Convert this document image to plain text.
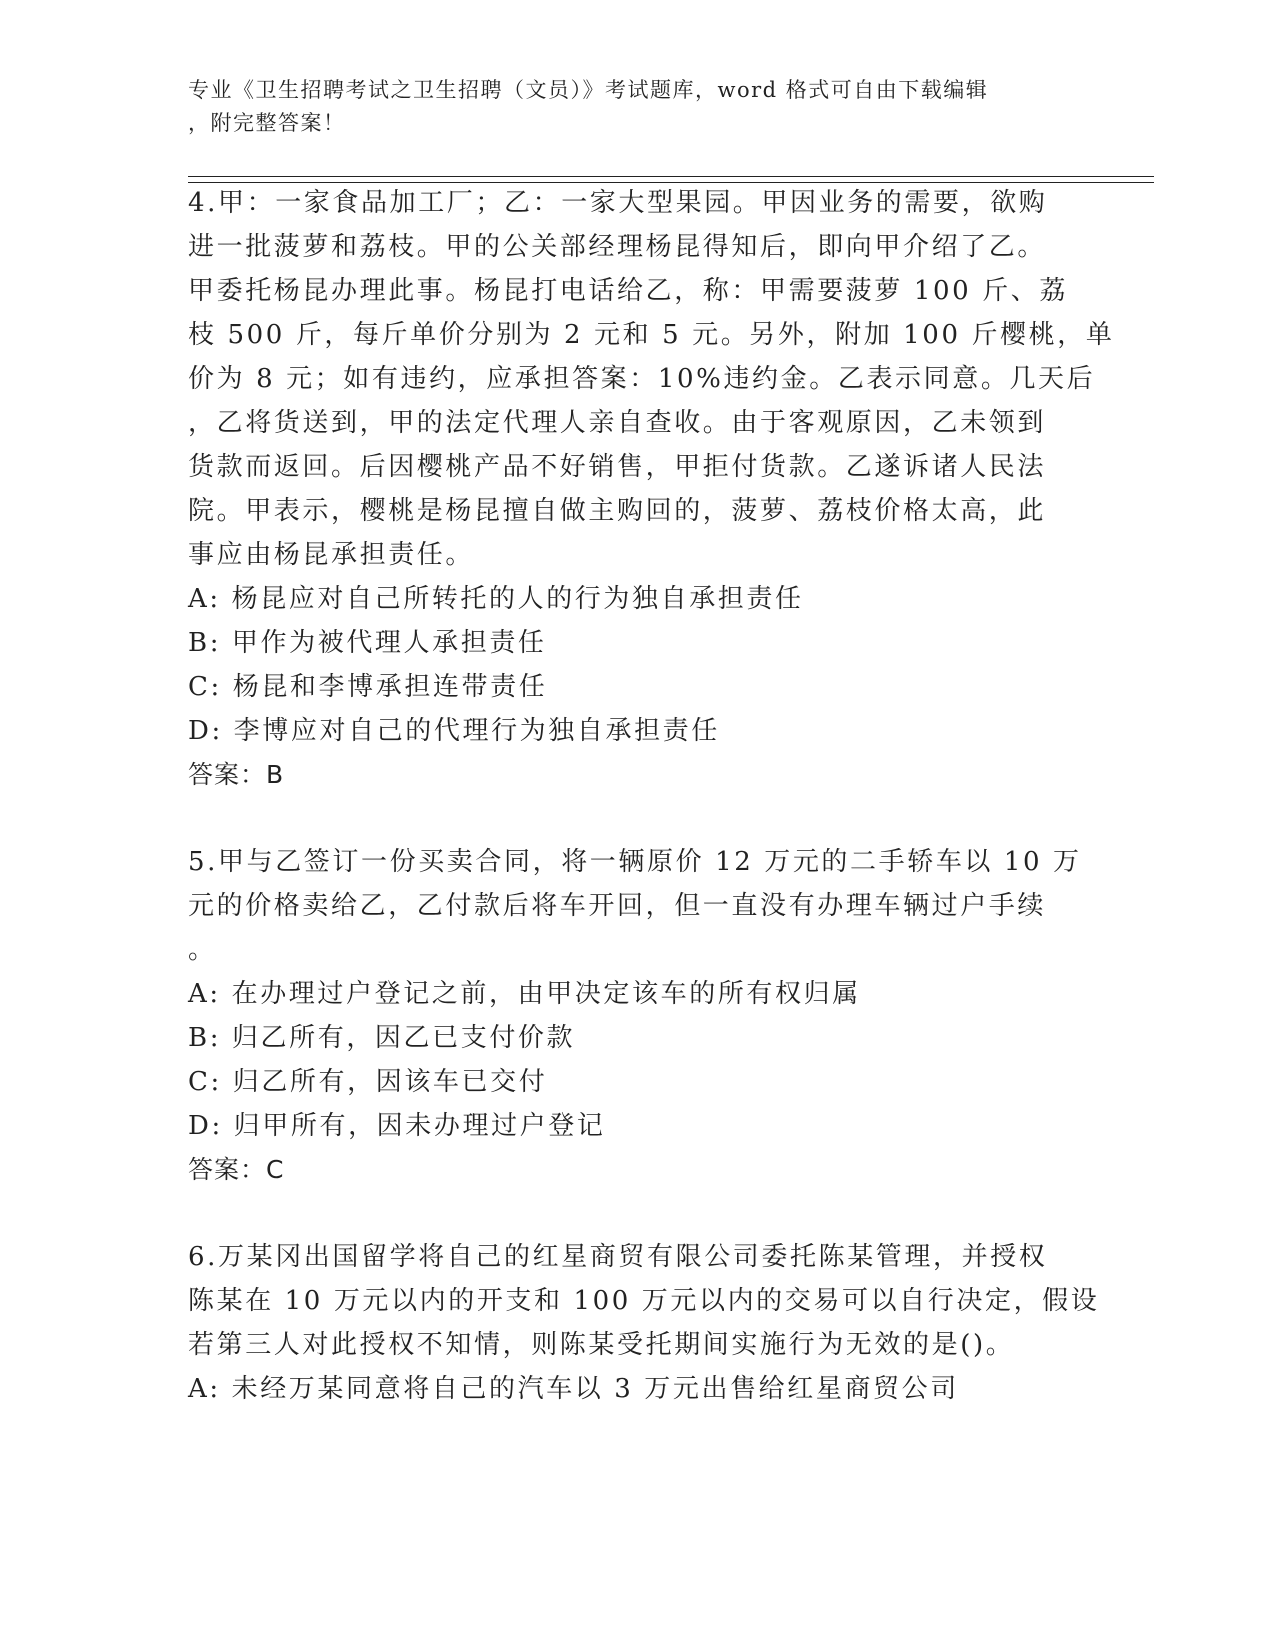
专业《卫生招聘考试之卫生招聘（文员）》考试题库，word 格式可自由下载编辑
，附完整答案！
4.甲：一家食品加工厂；乙：一家大型果园。甲因业务的需要，欲购
进一批菠萝和荔枝。甲的公关部经理杨昆得知后，即向甲介绍了乙。
甲委托杨昆办理此事。杨昆打电话给乙，称：甲需要菠萝 100 斤、荔
枝 500 斤，每斤单价分别为 2 元和 5 元。另外，附加 100 斤樱桃，单
价为 8 元；如有违约，应承担答案：10%违约金。乙表示同意。几天后
，乙将货送到，甲的法定代理人亲自查收。由于客观原因，乙未领到
货款而返回。后因樱桃产品不好销售，甲拒付货款。乙遂诉诸人民法
院。甲表示，樱桃是杨昆擅自做主购回的，菠萝、荔枝价格太高，此
事应由杨昆承担责任。
A: 杨昆应对自己所转托的人的行为独自承担责任
B: 甲作为被代理人承担责任
C: 杨昆和李博承担连带责任
D: 李博应对自己的代理行为独自承担责任
答案：B
5.甲与乙签订一份买卖合同，将一辆原价 12 万元的二手轿车以 10 万
元的价格卖给乙，乙付款后将车开回，但一直没有办理车辆过户手续
。
A: 在办理过户登记之前，由甲决定该车的所有权归属
B: 归乙所有，因乙已支付价款
C: 归乙所有，因该车已交付
D: 归甲所有，因未办理过户登记
答案：C
6.万某冈出国留学将自己的红星商贸有限公司委托陈某管理，并授权
陈某在 10 万元以内的开支和 100 万元以内的交易可以自行决定，假设
若第三人对此授权不知情，则陈某受托期间实施行为无效的是()。
A: 未经万某同意将自己的汽车以 3 万元出售给红星商贸公司
